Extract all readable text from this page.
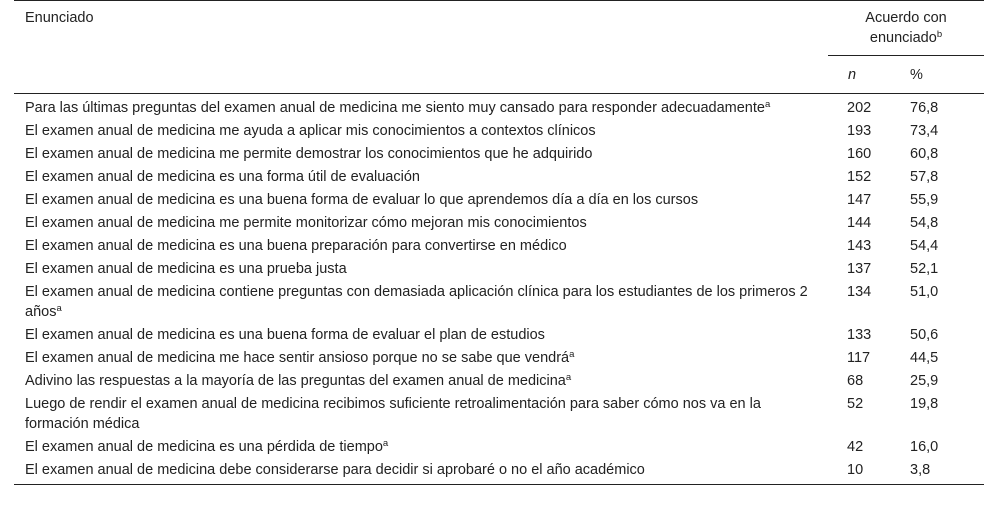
Enunciado	Acuerdo con enunciado$^b$
	n	%
Para las últimas preguntas del examen anual de medicina me siento muy cansado para responder adecuadamente$^a$	202	76,8
El examen anual de medicina me ayuda a aplicar mis conocimientos a contextos clínicos	193	73,4
El examen anual de medicina me permite demostrar los conocimientos que he adquirido	160	60,8
El examen anual de medicina es una forma útil de evaluación	152	57,8
El examen anual de medicina es una buena forma de evaluar lo que aprendemos día a día en los cursos	147	55,9
El examen anual de medicina me permite monitorizar cómo mejoran mis conocimientos	144	54,8
El examen anual de medicina es una buena preparación para convertirse en médico	143	54,4
El examen anual de medicina es una prueba justa	137	52,1
El examen anual de medicina contiene preguntas con demasiada aplicación clínica para los estudiantes de los primeros 2 años$^a$	134	51,0
El examen anual de medicina es una buena forma de evaluar el plan de estudios	133	50,6
El examen anual de medicina me hace sentir ansioso porque no se sabe que vendrá$^a$	117	44,5
Adivino las respuestas a la mayoría de las preguntas del examen anual de medicina$^a$	68	25,9
Luego de rendir el examen anual de medicina recibimos suficiente retroalimentación para saber cómo nos va en la formación médica	52	19,8
El examen anual de medicina es una pérdida de tiempo$^a$	42	16,0
El examen anual de medicina debe considerarse para decidir si aprobaré o no el año académico	10	3,8
